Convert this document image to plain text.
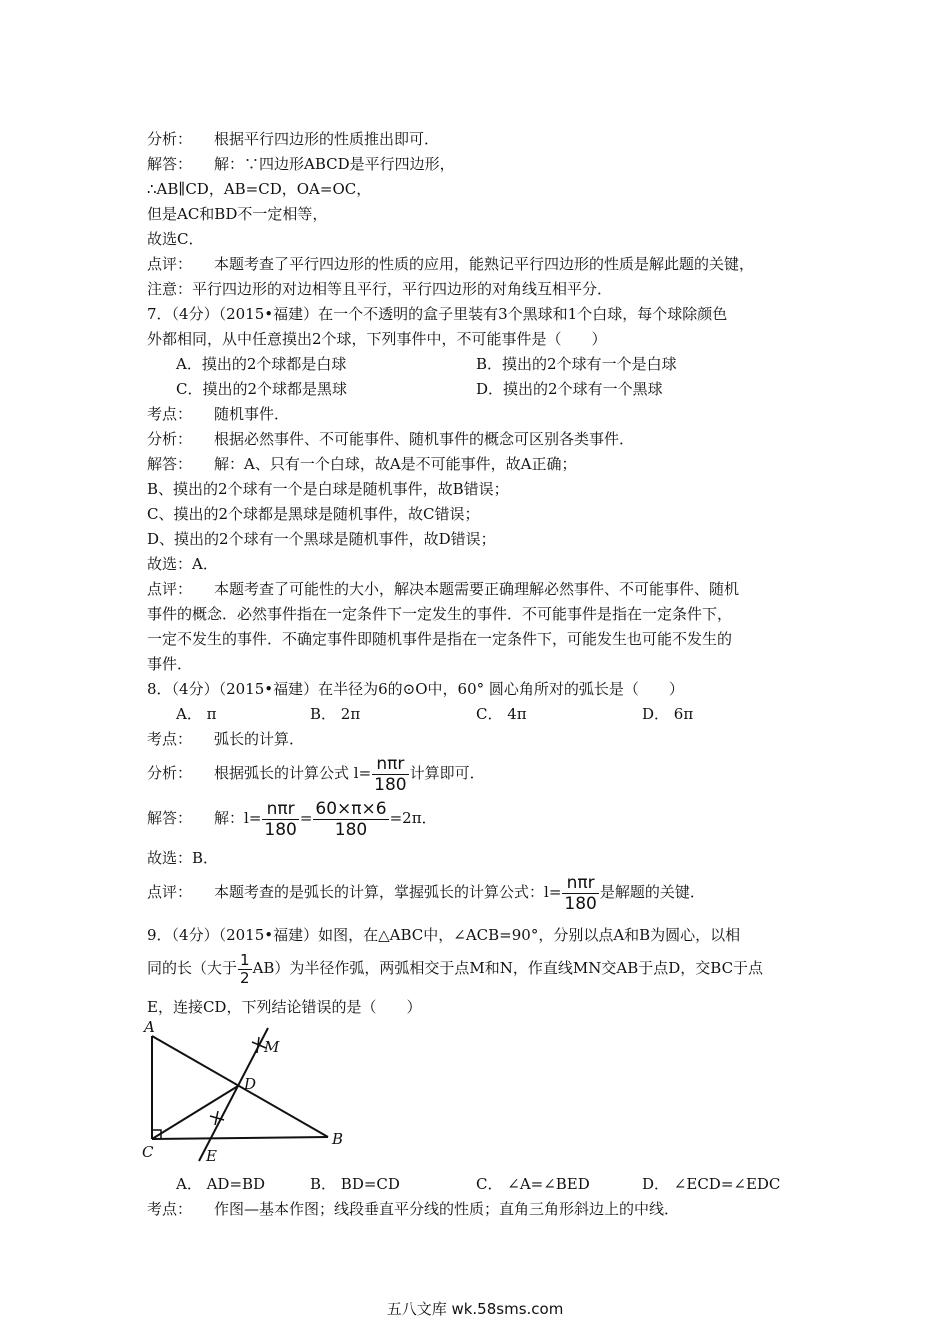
分析： 根据平行四边形的性质推出即可．
解答： 解：∵四边形ABCD是平行四边形，
∴AB∥CD，AB=CD，OA=OC，
但是AC和BD不一定相等，
故选C．
点评： 本题考查了平行四边形的性质的应用，能熟记平行四边形的性质是解此题的关键，
注意：平行四边形的对边相等且平行，平行四边形的对角线互相平分．
7．（4分）（2015•福建）在一个不透明的盒子里装有3个黑球和1个白球，每个球除颜色
外都相同，从中任意摸出2个球，下列事件中，不可能事件是（　　）
A．摸出的2个球都是白球	B．摸出的2个球有一个是白球
C．摸出的2个球都是黑球	D．摸出的2个球有一个黑球
考点： 随机事件．
分析： 根据必然事件、不可能事件、随机事件的概念可区别各类事件．
解答： 解：A、只有一个白球，故A是不可能事件，故A正确；
B、摸出的2个球有一个是白球是随机事件，故B错误；
C、摸出的2个球都是黑球是随机事件，故C错误；
D、摸出的2个球有一个黑球是随机事件，故D错误；
故选：A．
点评： 本题考查了可能性的大小，解决本题需要正确理解必然事件、不可能事件、随机
事件的概念．必然事件指在一定条件下一定发生的事件．不可能事件是指在一定条件下，
一定不发生的事件．不确定事件即随机事件是指在一定条件下，可能发生也可能不发生的
事件．
8．（4分）（2015•福建）在半径为6的⊙O中，60° 圆心角所对的弧长是（　　）
A． π	B． 2π	C． 4π	D． 6π
考点： 弧长的计算．
分析： 根据弧长的计算公式 $l= \frac{\text{nπr}}{180}$ 计算即可．
解答： 解：$l= \frac{\text{nπr}}{180} = \frac{60\times\pi\times 6}{180} =2\pi$．
故选：B．
点评： 本题考查的是弧长的计算，掌握弧长的计算公式：$l= \frac{\text{nπr}}{180}$ 是解题的关键．
9．（4分）（2015•福建）如图，在△ABC中，∠ACB=90°，分别以点A和B为圆心，以相
同的长（大于 $\frac{1}{2} AB$）为半径作弧，两弧相交于点M和N，作直线MN交AB于点D，交BC于点
E，连接CD，下列结论错误的是（　　）
A
C
B
D
E
M
A． AD=BD	B． BD=CD	C． ∠A=∠BED	D． ∠ECD=∠EDC
考点： 作图—基本作图；线段垂直平分线的性质；直角三角形斜边上的中线．
五八文库 wk.58sms.com
